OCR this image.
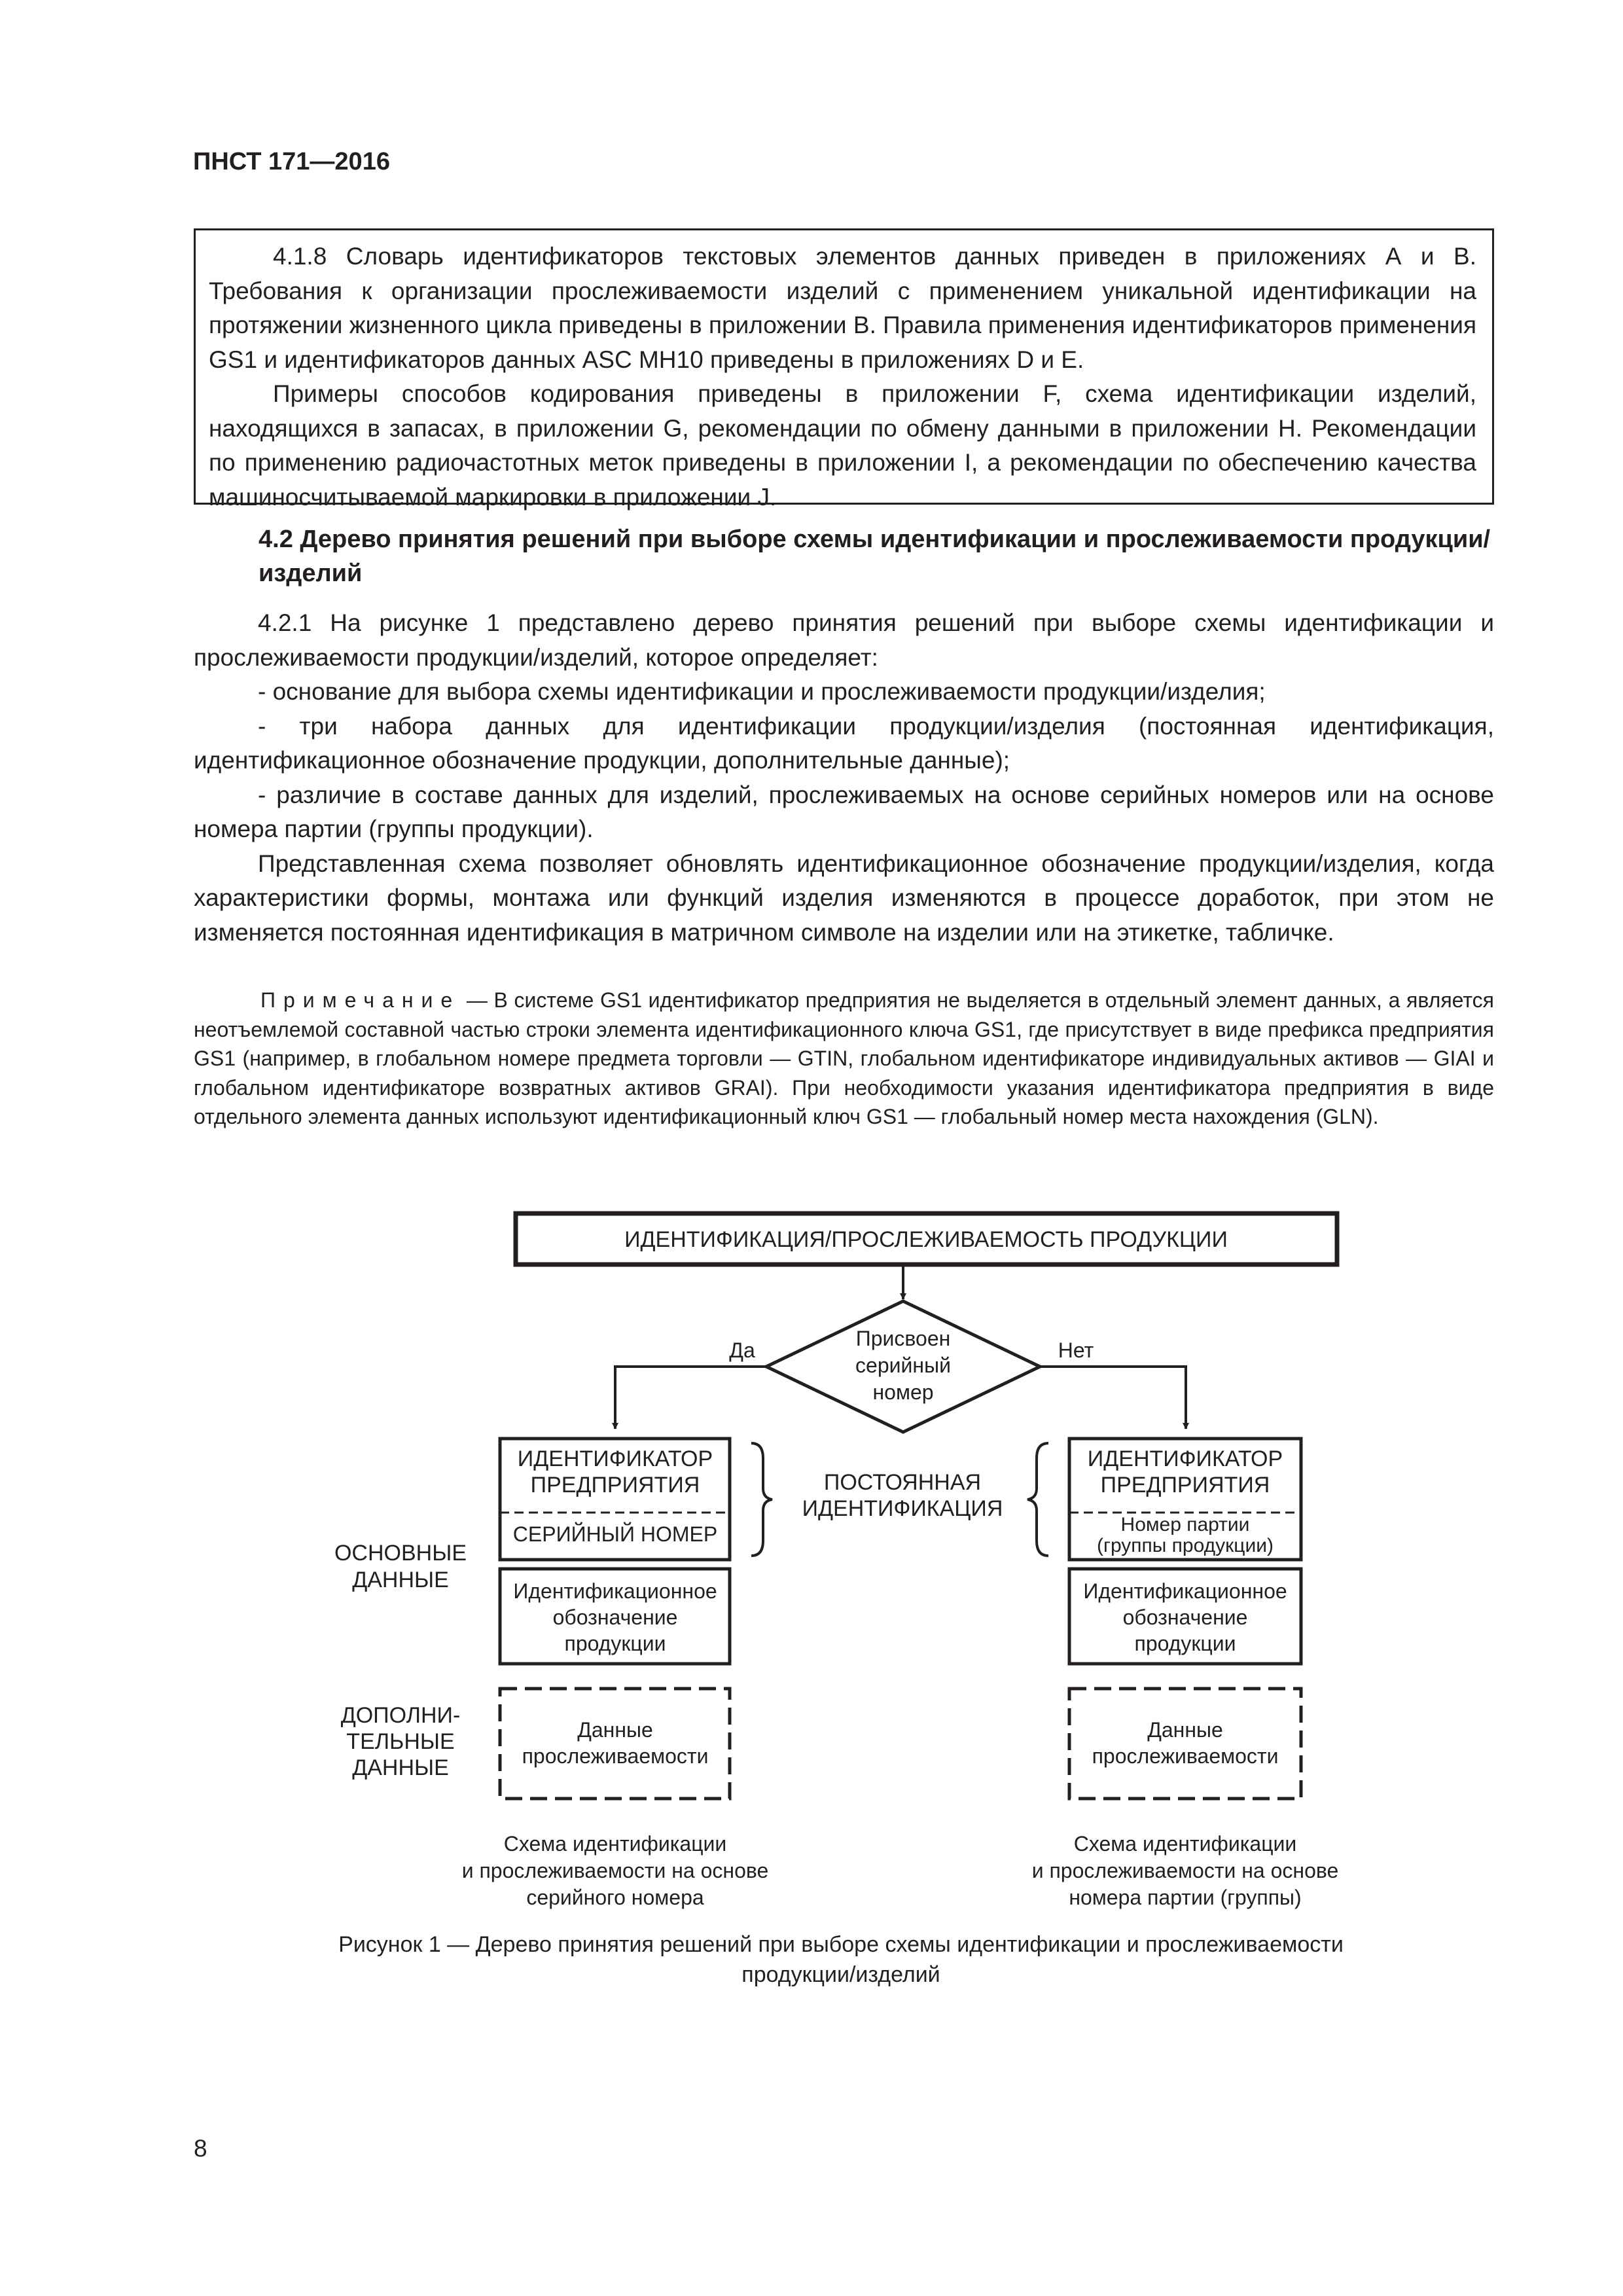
ПНСТ 171—2016

4.1.8 Словарь идентификаторов текстовых элементов данных приведен в приложениях А и В. Требования к организации прослеживаемости изделий с применением уникальной идентификации на протяжении жизненного цикла приведены в приложении В. Правила применения идентификаторов применения GS1 и идентификаторов данных ASC MH10 приведены в приложениях D и E.

Примеры способов кодирования приведены в приложении F, схема идентификации изделий, находящихся в запасах, в приложении G, рекомендации по обмену данными в приложении H. Рекомендации по применению радиочастотных меток приведены в приложении I, а рекомендации по обеспечению качества машиносчитываемой маркировки в приложении J.

4.2 Дерево принятия решений при выборе схемы идентификации и прослеживаемости продукции/изделий

4.2.1 На рисунке 1 представлено дерево принятия решений при выборе схемы идентификации и прослеживаемости продукции/изделий, которое определяет:

- основание для выбора схемы идентификации и прослеживаемости продукции/изделия;

- три набора данных для идентификации продукции/изделия (постоянная идентификация, идентификационное обозначение продукции, дополнительные данные);

- различие в составе данных для изделий, прослеживаемых на основе серийных номеров или на основе номера партии (группы продукции).

Представленная схема позволяет обновлять идентификационное обозначение продукции/изделия, когда характеристики формы, монтажа или функций изделия изменяются в процессе доработок, при этом не изменяется постоянная идентификация в матричном символе на изделии или на этикетке, табличке.

Примечание — В системе GS1 идентификатор предприятия не выделяется в отдельный элемент данных, а является неотъемлемой составной частью строки элемента идентификационного ключа GS1, где присутствует в виде префикса предприятия GS1 (например, в глобальном номере предмета торговли — GTIN, глобальном идентификаторе индивидуальных активов — GIAI и глобальном идентификаторе возвратных активов GRAI). При необходимости указания идентификатора предприятия в виде отдельного элемента данных используют идентификационный ключ GS1 — глобальный номер места нахождения (GLN).

ИДЕНТИФИКАЦИЯ/ПРОСЛЕЖИВАЕМОСТЬ ПРОДУКЦИИ
Присвоен
серийный
номер
Да	Нет
ИДЕНТИФИКАТОР
ПРЕДПРИЯТИЯ
СЕРИЙНЫЙ НОМЕР
ИДЕНТИФИКАТОР
ПРЕДПРИЯТИЯ
Номер партии
(группы продукции)
ПОСТОЯННАЯ
ИДЕНТИФИКАЦИЯ
ОСНОВНЫЕ
ДАННЫЕ
ДОПОЛНИ-
ТЕЛЬНЫЕ
ДАННЫЕ
Идентификационное
обозначение
продукции
Идентификационное
обозначение
продукции
Данные
прослеживаемости
Данные
прослеживаемости
Схема идентификации
и прослеживаемости на основе
серийного номера
Схема идентификации
и прослеживаемости на основе
номера партии (группы)
Рисунок 1 — Дерево принятия решений при выборе схемы идентификации и прослеживаемости
продукции/изделий
8
